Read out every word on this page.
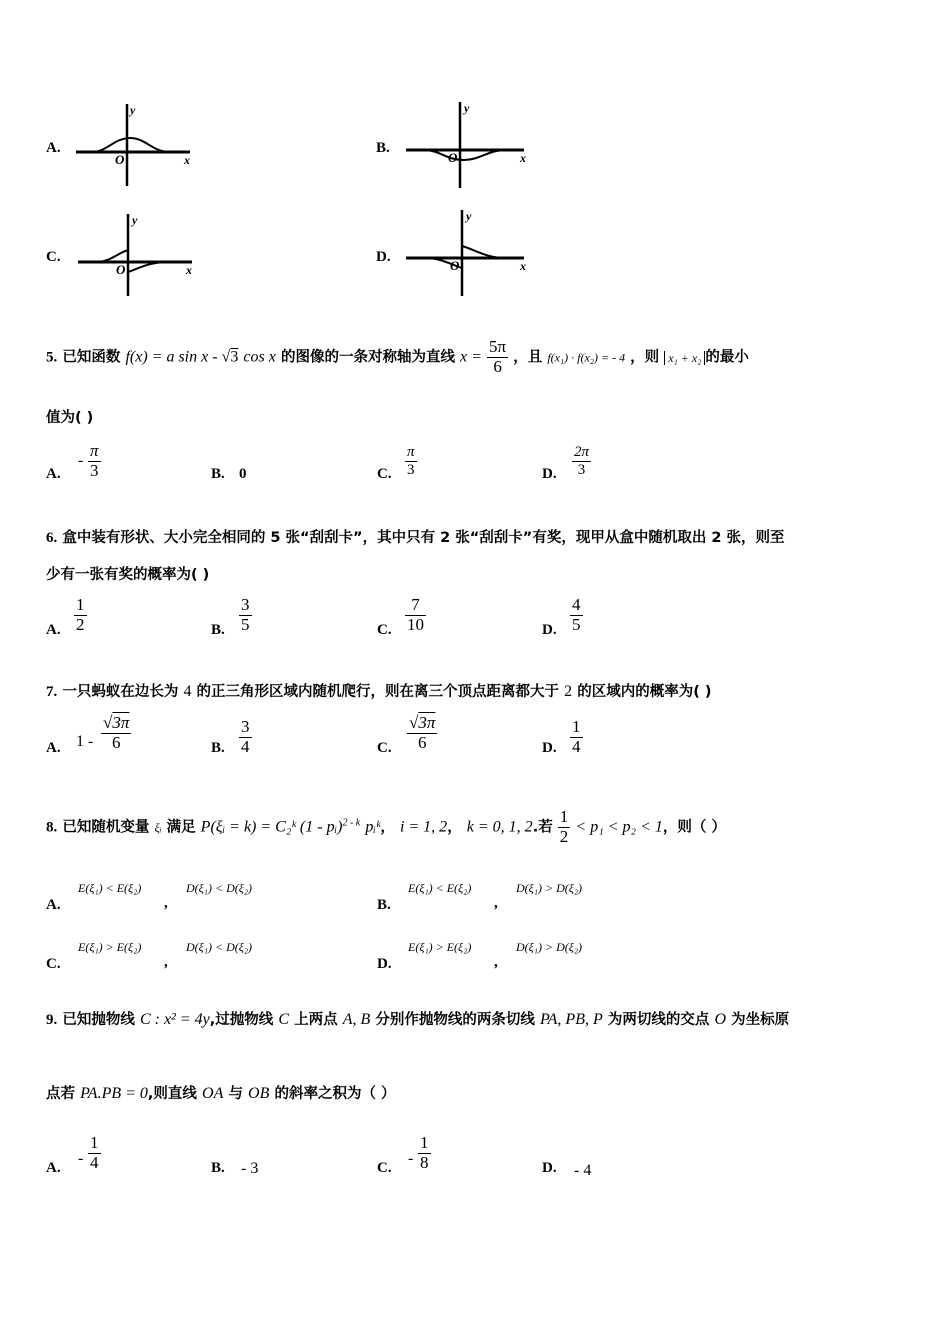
A.
y
x
O
B.
y
x
O
C.
y
x
O
D.
y
x
O
5. 已知函数 f(x) = a sin x - √3 cos x 的图像的一条对称轴为直线 $x = \frac{5\pi}{6}$ ，且 f(x₁) · f(x₂) = - 4 ，则 x₁ + x₂ 的最小
值为( )
A.
- $\frac{\pi}{3}$	B. 0	C. $\frac{\pi}{3}$	D. $\frac{2\pi}{3}$
6. 盒中装有形状、大小完全相同的 5 张“刮刮卡”，其中只有 2 张“刮刮卡”有奖，现甲从盒中随机取出 2 张，则至
少有一张有奖的概率为( )
A. $\frac{1}{2}$	B. $\frac{3}{5}$	C. $\frac{7}{10}$	D. $\frac{4}{5}$
7. 一只蚂蚁在边长为 4 的正三角形区域内随机爬行，则在离三个顶点距离都大于 2 的区域内的概率为( )
A. $1 - \frac{√3\pi}{6}$	B. $\frac{3}{4}$	C. $\frac{√3\pi}{6}$	D. $\frac{1}{4}$
8. 已知随机变量 ξᵢ 满足 P(ξᵢ = k) = C₂ᵏ (1 - pᵢ)$^{2 - k}$ pᵢᵏ， i = 1, 2， k = 0, 1, 2.若 $\frac{1}{2} < p_1 < p_2 < 1$，则（ ）
A.
E(ξ₁) < E(ξ₂)
,
D(ξ₁) < D(ξ₂)
B.
E(ξ₁) < E(ξ₂)
,
D(ξ₁) > D(ξ₂)
C.
E(ξ₁) > E(ξ₂)
,
D(ξ₁) < D(ξ₂)
D.
E(ξ₁) > E(ξ₂)
,
D(ξ₁) > D(ξ₂)
9. 已知抛物线 C : x² = 4y,过抛物线 C 上两点 A, B 分别作抛物线的两条切线 PA, PB, P 为两切线的交点 O 为坐标原
点若 PA.PB = 0,则直线 OA 与 OB 的斜率之积为（ ）
A.
- $\frac{1}{4}$	B. - 3	C.
- $\frac{1}{8}$	D. - 4
